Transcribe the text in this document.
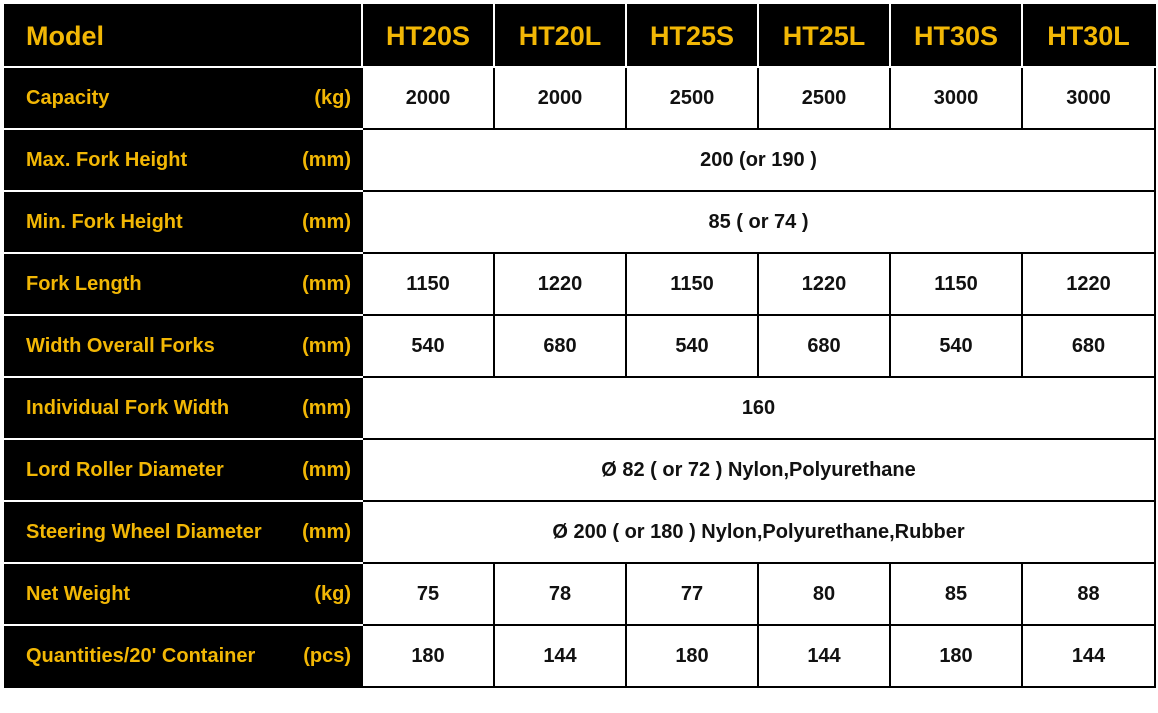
Model	HT20S	HT20L	HT25S	HT25L	HT30S	HT30L

Capacity (kg)	2000	2000	2500	2500	3000	3000

Max. Fork Height (mm)	200 (or 190 )					

Min. Fork Height (mm)	85 ( or 74 )					

Fork Length (mm)	1150	1220	1150	1220	1150	1220

Width Overall Forks (mm)	540	680	540	680	540	680

Individual Fork Width (mm)	160					

Lord Roller Diameter (mm)	Ø 82 ( or 72 ) Nylon,Polyurethane					

Steering Wheel Diameter (mm)	Ø 200 ( or 180 ) Nylon,Polyurethane,Rubber					

Net Weight (kg)	75	78	77	80	85	88

Quantities/20' Container (pcs)	180	144	180	144	180	144
